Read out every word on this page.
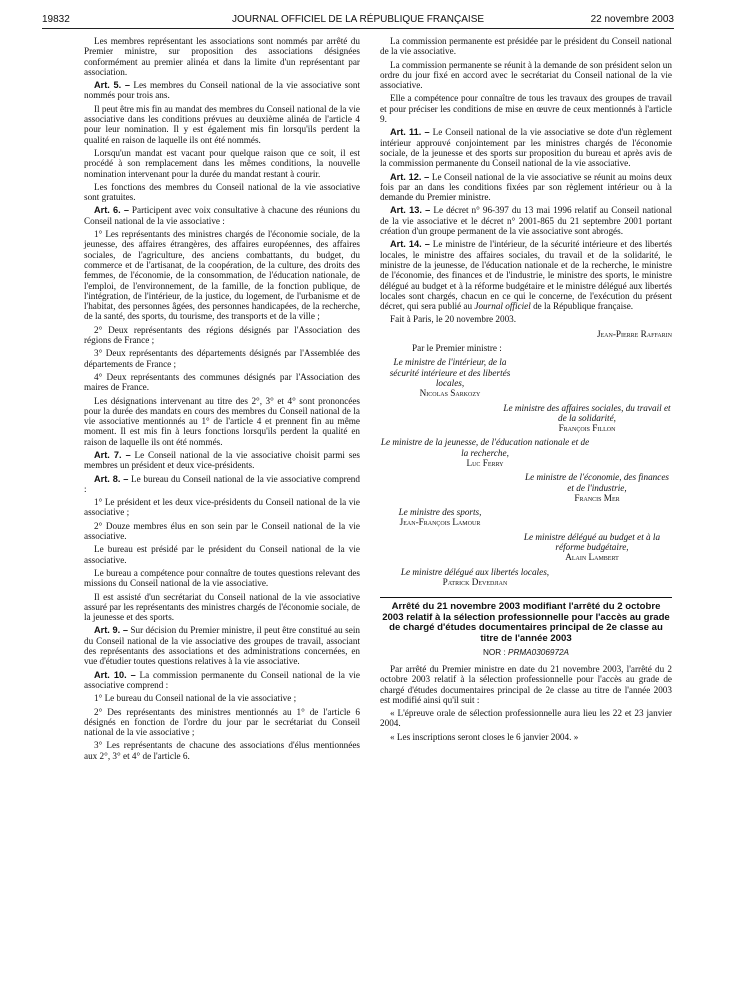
19832	JOURNAL OFFICIEL DE LA RÉPUBLIQUE FRANÇAISE	22 novembre 2003

Les membres représentant les associations sont nommés par arrêté du Premier ministre, sur proposition des associations désignées conformément au premier alinéa et dans la limite d'un représentant par association.

Art. 5. – Les membres du Conseil national de la vie associative sont nommés pour trois ans.

Il peut être mis fin au mandat des membres du Conseil national de la vie associative dans les conditions prévues au deuxième alinéa de l'article 4 pour leur nomination. Il y est également mis fin lorsqu'ils perdent la qualité en raison de laquelle ils ont été nommés.

Lorsqu'un mandat est vacant pour quelque raison que ce soit, il est procédé à son remplacement dans les mêmes conditions, la nouvelle nomination intervenant pour la durée du mandat restant à courir.

Les fonctions des membres du Conseil national de la vie associative sont gratuites.

Art. 6. – Participent avec voix consultative à chacune des réunions du Conseil national de la vie associative :

1° Les représentants des ministres chargés de l'économie sociale, de la jeunesse, des affaires étrangères, des affaires européennes, des affaires sociales, de l'agriculture, des anciens combattants, du budget, du commerce et de l'artisanat, de la coopération, de la culture, des droits des femmes, de l'économie, de la consommation, de l'éducation nationale, de l'emploi, de l'environnement, de la famille, de la fonction publique, de l'intégration, de l'intérieur, de la justice, du logement, de l'urbanisme et de l'habitat, des personnes âgées, des personnes handicapées, de la recherche, de la santé, des sports, du tourisme, des transports et de la ville ;

2° Deux représentants des régions désignés par l'Association des régions de France ;

3° Deux représentants des départements désignés par l'Assemblée des départements de France ;

4° Deux représentants des communes désignés par l'Association des maires de France.

Les désignations intervenant au titre des 2°, 3° et 4° sont prononcées pour la durée des mandats en cours des membres du Conseil national de la vie associative mentionnés au 1° de l'article 4 et prennent fin au même moment. Il est mis fin à leurs fonctions lorsqu'ils perdent la qualité en raison de laquelle ils ont été nommés.

Art. 7. – Le Conseil national de la vie associative choisit parmi ses membres un président et deux vice-présidents.

Art. 8. – Le bureau du Conseil national de la vie associative comprend :

1° Le président et les deux vice-présidents du Conseil national de la vie associative ;

2° Douze membres élus en son sein par le Conseil national de la vie associative.

Le bureau est présidé par le président du Conseil national de la vie associative.

Le bureau a compétence pour connaître de toutes questions relevant des missions du Conseil national de la vie associative.

Il est assisté d'un secrétariat du Conseil national de la vie associative assuré par les représentants des ministres chargés de l'économie sociale, de la jeunesse et des sports.

Art. 9. – Sur décision du Premier ministre, il peut être constitué au sein du Conseil national de la vie associative des groupes de travail, associant des représentants des associations et des administrations concernées, en vue d'étudier toutes questions relatives à la vie associative.

Art. 10. – La commission permanente du Conseil national de la vie associative comprend :

1° Le bureau du Conseil national de la vie associative ;

2° Des représentants des ministres mentionnés au 1° de l'article 6 désignés en fonction de l'ordre du jour par le secrétariat du Conseil national de la vie associative ;

3° Les représentants de chacune des associations d'élus mentionnées aux 2°, 3° et 4° de l'article 6.

La commission permanente est présidée par le président du Conseil national de la vie associative.

La commission permanente se réunit à la demande de son président selon un ordre du jour fixé en accord avec le secrétariat du Conseil national de la vie associative.

Elle a compétence pour connaître de tous les travaux des groupes de travail et pour préciser les conditions de mise en œuvre de ceux mentionnés à l'article 9.

Art. 11. – Le Conseil national de la vie associative se dote d'un règlement intérieur approuvé conjointement par les ministres chargés de l'économie sociale, de la jeunesse et des sports sur proposition du bureau et après avis de la commission permanente du Conseil national de la vie associative.

Art. 12. – Le Conseil national de la vie associative se réunit au moins deux fois par an dans les conditions fixées par son règlement intérieur ou à la demande du Premier ministre.

Art. 13. – Le décret n° 96-397 du 13 mai 1996 relatif au Conseil national de la vie associative et le décret n° 2001-865 du 21 septembre 2001 portant création d'un groupe permanent de la vie associative sont abrogés.

Art. 14. – Le ministre de l'intérieur, de la sécurité intérieure et des libertés locales, le ministre des affaires sociales, du travail et de la solidarité, le ministre de la jeunesse, de l'éducation nationale et de la recherche, le ministre de l'économie, des finances et de l'industrie, le ministre des sports, le ministre délégué au budget et à la réforme budgétaire et le ministre délégué aux libertés locales sont chargés, chacun en ce qui le concerne, de l'exécution du présent décret, qui sera publié au Journal officiel de la République française.

Fait à Paris, le 20 novembre 2003.

Jean-Pierre Raffarin
Par le Premier ministre :
Le ministre de l'intérieur, de la sécurité intérieure et des libertés locales,
Nicolas Sarkozy
Le ministre des affaires sociales, du travail et de la solidarité,
François Fillon
Le ministre de la jeunesse, de l'éducation nationale et de la recherche,
Luc Ferry
Le ministre de l'économie, des finances et de l'industrie,
Francis Mer
Le ministre des sports,
Jean-François Lamour
Le ministre délégué au budget et à la réforme budgétaire,
Alain Lambert
Le ministre délégué aux libertés locales,
Patrick Devedjian
Arrêté du 21 novembre 2003 modifiant l'arrêté du 2 octobre 2003 relatif à la sélection professionnelle pour l'accès au grade de chargé d'études documentaires principal de 2e classe au titre de l'année 2003
NOR : PRMA0306972A

Par arrêté du Premier ministre en date du 21 novembre 2003, l'arrêté du 2 octobre 2003 relatif à la sélection professionnelle pour l'accès au grade de chargé d'études documentaires principal de 2e classe au titre de l'année 2003 est modifié ainsi qu'il suit :

« L'épreuve orale de sélection professionnelle aura lieu les 22 et 23 janvier 2004.

« Les inscriptions seront closes le 6 janvier 2004. »
